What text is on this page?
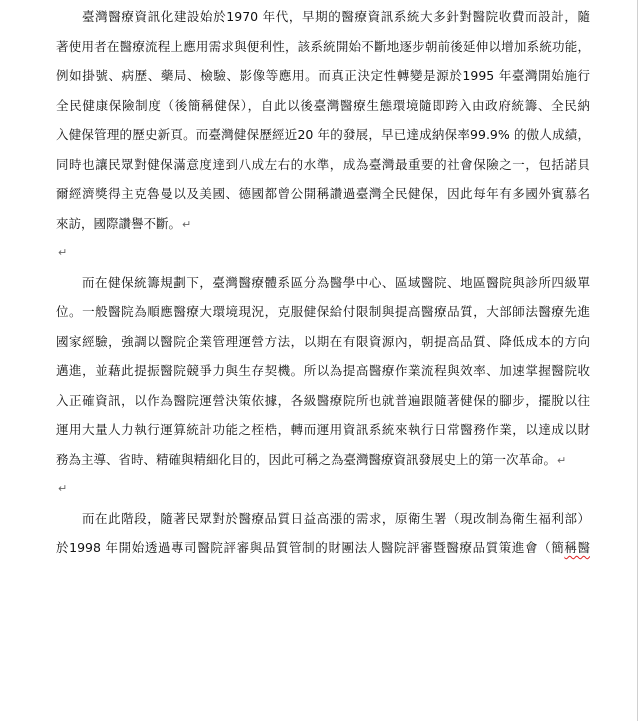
臺灣醫療資訊化建設始於1970 年代，早期的醫療資訊系統大多針對醫院收費而設計，隨
著使用者在醫療流程上應用需求與便利性，該系統開始不斷地逐步朝前後延伸以增加系統功能，
例如掛號、病歷、藥局、檢驗、影像等應用。而真正決定性轉變是源於1995 年臺灣開始施行
全民健康保險制度（後簡稱健保），自此以後臺灣醫療生態環境隨即跨入由政府統籌、全民納
入健保管理的歷史新頁。而臺灣健保歷經近20 年的發展，早已達成納保率99.9% 的傲人成績，
同時也讓民眾對健保滿意度達到八成左右的水準，成為臺灣最重要的社會保險之一，包括諾貝
爾經濟獎得主克魯曼以及美國、德國都曾公開稱讚過臺灣全民健保，因此每年有多國外賓慕名
來訪，國際讚譽不斷。↵

↵

而在健保統籌規劃下，臺灣醫療體系區分為醫學中心、區域醫院、地區醫院與診所四級單
位。一般醫院為順應醫療大環境現況，克服健保給付限制與提高醫療品質，大部師法醫療先進
國家經驗，強調以醫院企業管理運營方法，以期在有限資源內，朝提高品質、降低成本的方向
邁進，並藉此提振醫院競爭力與生存契機。所以為提高醫療作業流程與效率、加速掌握醫院收
入正確資訊，以作為醫院運營決策依據，各級醫療院所也就普遍跟隨著健保的腳步，擺脫以往
運用大量人力執行運算統計功能之桎梏，轉而運用資訊系統來執行日常醫務作業，以達成以財
務為主導、省時、精確與精細化目的，因此可稱之為臺灣醫療資訊發展史上的第一次革命。↵

↵

而在此階段，隨著民眾對於醫療品質日益高漲的需求，原衛生署（現改制為衛生福利部）
於1998 年開始透過專司醫院評審與品質管制的財團法人醫院評審暨醫療品質策進會（簡稱醫
